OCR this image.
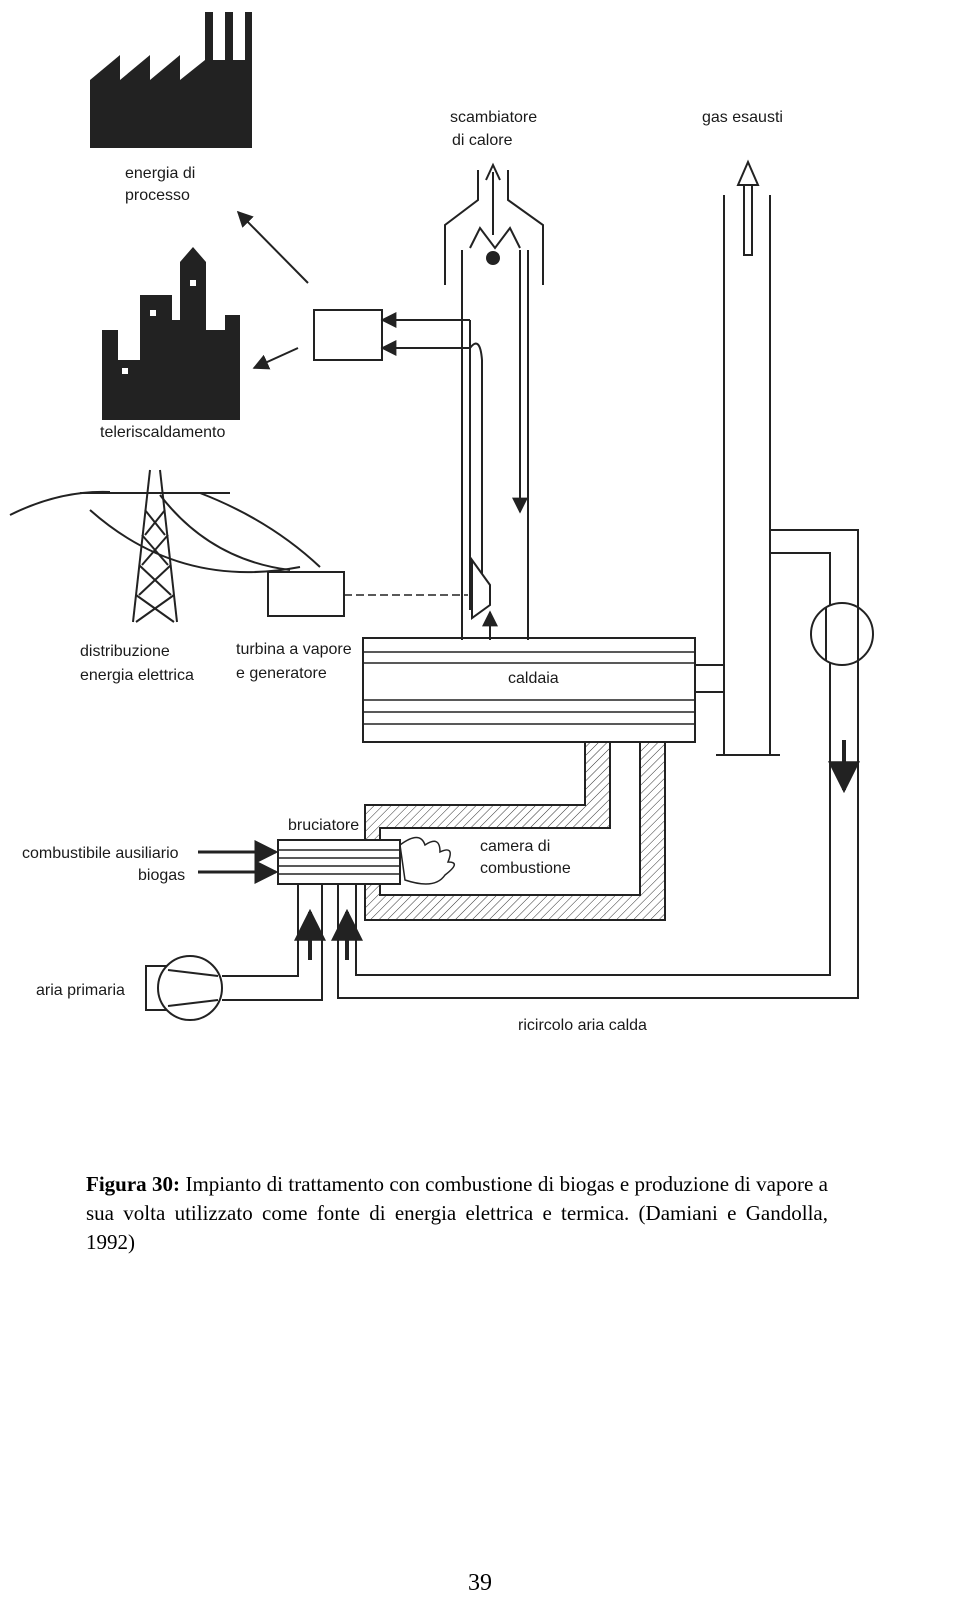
energia di
processo
teleriscaldamento
distribuzione
energia elettrica
turbina a vapore
e generatore
scambiatore
di calore
gas esausti
caldaia
bruciatore
combustibile ausiliario
biogas
camera di
combustione
aria primaria
ricircolo aria calda
Figura 30: Impianto di trattamento con combustione di biogas e produzione di vapore a sua volta utilizzato come fonte di energia elettrica e termica. (Damiani e Gandolla, 1992)
39
